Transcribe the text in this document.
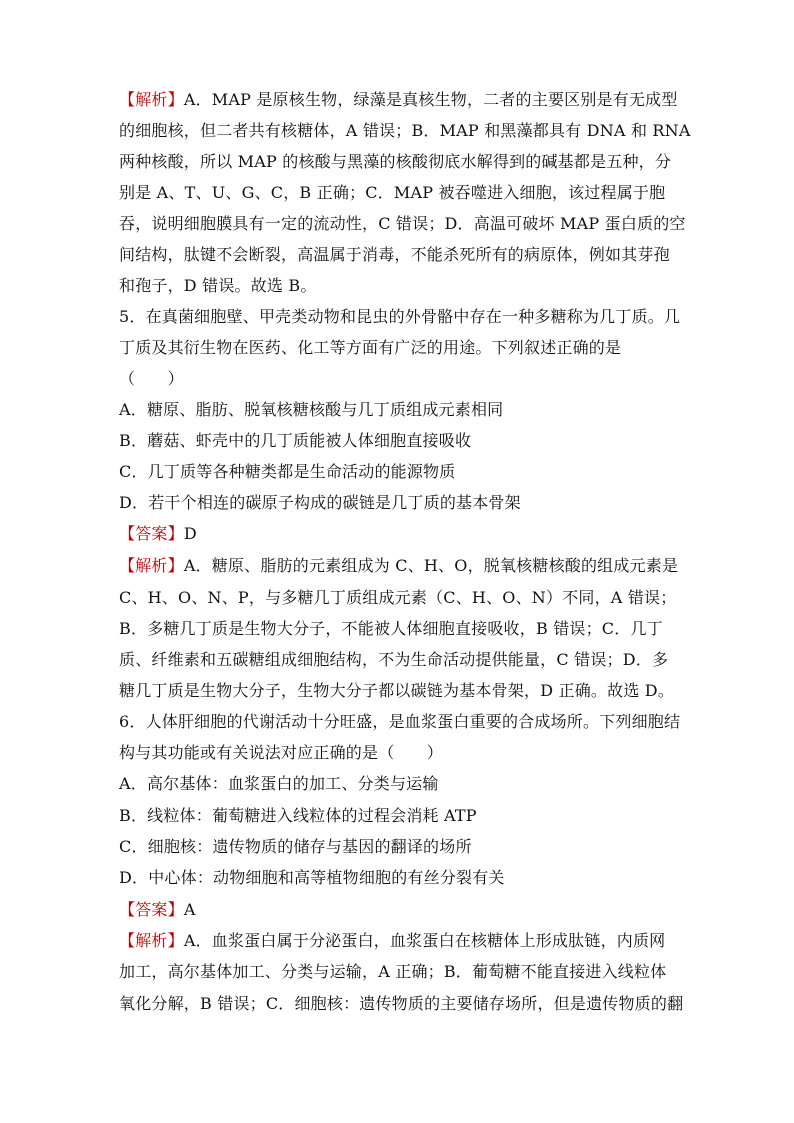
【解析】A．MAP 是原核生物，绿藻是真核生物，二者的主要区别是有无成型
的细胞核，但二者共有核糖体，A 错误；B．MAP 和黑藻都具有 DNA 和 RNA
两种核酸，所以 MAP 的核酸与黑藻的核酸彻底水解得到的碱基都是五种，分
别是 A、T、U、G、C，B 正确；C．MAP 被吞噬进入细胞，该过程属于胞
吞，说明细胞膜具有一定的流动性，C 错误；D．高温可破坏 MAP 蛋白质的空
间结构，肽键不会断裂，高温属于消毒，不能杀死所有的病原体，例如其芽孢
和孢子，D 错误。故选 B。
5．在真菌细胞壁、甲壳类动物和昆虫的外骨骼中存在一种多糖称为几丁质。几
丁质及其衍生物在医药、化工等方面有广泛的用途。下列叙述正确的是
（　　）
A．糖原、脂肪、脱氧核糖核酸与几丁质组成元素相同
B．蘑菇、虾壳中的几丁质能被人体细胞直接吸收
C．几丁质等各种糖类都是生命活动的能源物质
D．若干个相连的碳原子构成的碳链是几丁质的基本骨架
【答案】D
【解析】A．糖原、脂肪的元素组成为 C、H、O，脱氧核糖核酸的组成元素是
C、H、O、N、P，与多糖几丁质组成元素（C、H、O、N）不同，A 错误；
B．多糖几丁质是生物大分子，不能被人体细胞直接吸收，B 错误；C．几丁
质、纤维素和五碳糖组成细胞结构，不为生命活动提供能量，C 错误；D．多
糖几丁质是生物大分子，生物大分子都以碳链为基本骨架，D 正确。故选 D。
6．人体肝细胞的代谢活动十分旺盛，是血浆蛋白重要的合成场所。下列细胞结
构与其功能或有关说法对应正确的是（　　）
A．高尔基体：血浆蛋白的加工、分类与运输
B．线粒体：葡萄糖进入线粒体的过程会消耗 ATP
C．细胞核：遗传物质的储存与基因的翻译的场所
D．中心体：动物细胞和高等植物细胞的有丝分裂有关
【答案】A
【解析】A．血浆蛋白属于分泌蛋白，血浆蛋白在核糖体上形成肽链，内质网
加工，高尔基体加工、分类与运输，A 正确；B．葡萄糖不能直接进入线粒体
氧化分解，B 错误；C．细胞核：遗传物质的主要储存场所，但是遗传物质的翻
